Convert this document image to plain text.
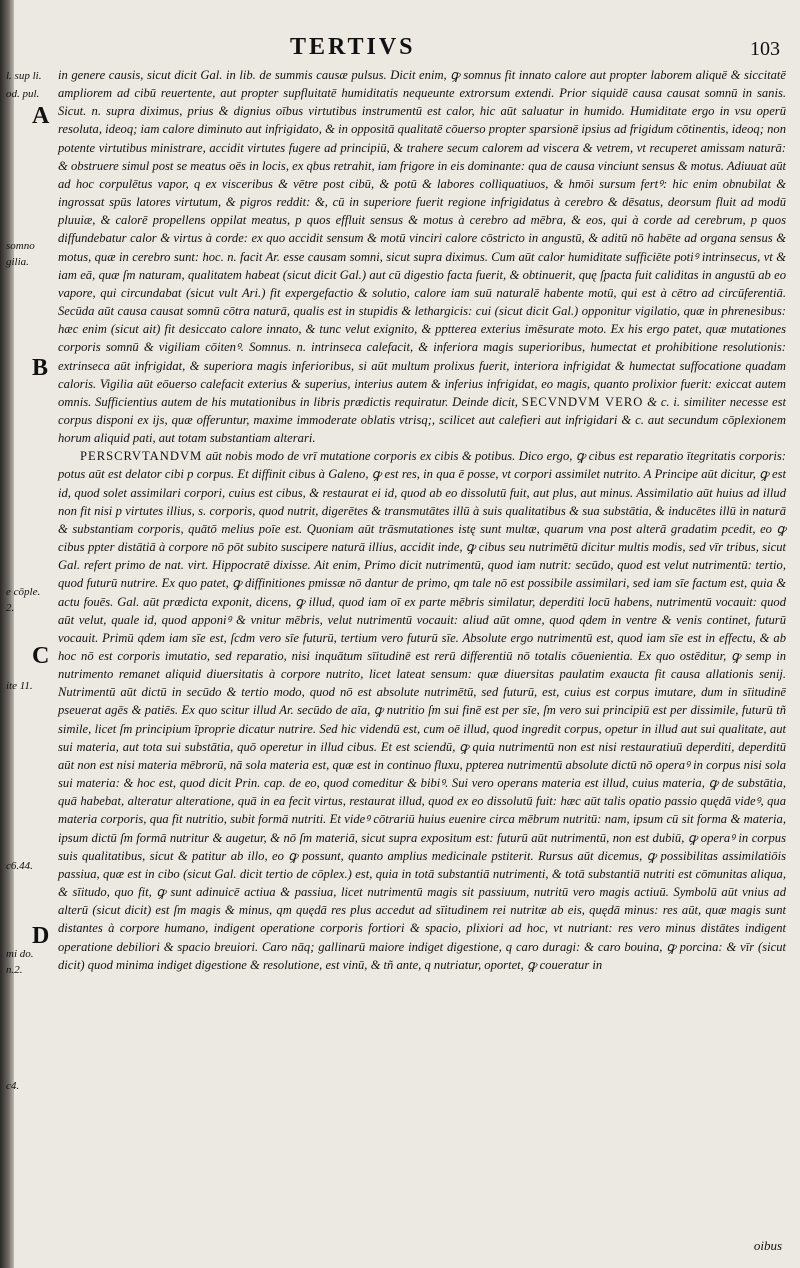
TERTIVS	103
l. sup li.
od. pul.
A
somno
gilia.
B
e cōple.
2.
C
ite 11.
c6.44.
D
mi do.
n.2.
c4.

in genere causis, sicut dicit Gal. in lib. de summis causæ pulsus. Dicit enim, ꝙ somnus fit innato calore aut propter laborem aliquē & siccitatē ampliorem ad cibū reuertente, aut propter supfluitatē humiditatis nequeunte extrorsum extendi. Prior siquidē causa causat somnū in sanis. Sicut. n. supra diximus, prius & dignius oībus virtutibus instrumentū est calor, hic aūt saluatur in humido. Humiditate ergo in vsu operū resoluta, ideoq; iam calore diminuto aut infrigidato, & in oppositā qualitatē cōuerso propter sparsionē ipsius ad frigidum cōtinentis, ideoq; non potente virtutibus ministrare, accidit virtutes fugere ad principiū, & trahere secum calorem ad viscera & vetrem, vt recuperet amissam naturā: & obstruere simul post se meatus oēs in locis, ex qbus retrahit, iam frigore in eis dominante: qua de causa vinciunt sensus & motus. Adiuuat aūt ad hoc corpulētus vapor, q ex visceribus & vētre post cibū, & potū & labores colliquatiuos, & hmōi sursum fertꝰ: hic enim obnubilat & ingrossat spūs latores virtutum, & pigros reddit: &, cū in superiore fuerit regione infrigidatus à cerebro & dēsatus, deorsum fluit ad modū pluuiæ, & calorē propellens oppilat meatus, p quos effluit sensus & motus à cerebro ad mēbra, & eos, qui à corde ad cerebrum, p quos diffundebatur calor & virtus à corde: ex quo accidit sensum & motū vinciri calore cōstricto in angustū, & aditū nō habēte ad organa sensus & motus, quæ in cerebro sunt: hoc. n. facit Ar. esse causam somni, sicut supra diximus. Cum aūt calor humiditate sufficiēte potiꝰ intrinsecus, vt & iam eā, quæ ſm naturam, qualitatem habeat (sicut dicit Gal.) aut cū digestio facta fuerit, & obtinuerit, quę ſpacta fuit caliditas in angustū ab eo vapore, qui circundabat (sicut vult Ari.) fit expergefactio & solutio, calore iam suū naturalē habente motū, qui est à cētro ad circūferentiā. Secūda aūt causa causat somnū cōtra naturā, qualis est in stupidis & lethargicis: cui (sicut dicit Gal.) opponitur vigilatio, quæ in phrenesibus: hæc enim (sicut ait) fit desiccato calore innato, & tunc velut exignito, & pptterea exterius imēsurate moto. Ex his ergo patet, quæ mutationes corporis somnū & vigiliam cōitenꝰ. Somnus. n. intrinseca calefacit, & inferiora magis superioribus, humectat et prohibitione resolutionis: extrinseca aūt infrigidat, & superiora magis inferioribus, si aūt multum prolixus fuerit, interiora infrigidat & humectat suffocatione quadam caloris. Vigilia aūt eōuerso calefacit exterius & superius, interius autem & inferius infrigidat, eo magis, quanto prolixior fuerit: exiccat autem omnis. Sufficientius autem de his mutationibus in libris prædictis requiratur. Deinde dicit, SECVNDVM VERO & c. i. similiter necesse est corpus disponi ex ijs, quæ offeruntur, maxime immoderate oblatis vtrisq;, scilicet aut calefieri aut infrigidari & c. aut secundum cōplexionem horum aliquid pati, aut totam substantiam alterari.

PERSCRVTANDVM aūt nobis modo de vrī mutatione corporis ex cibis & potibus. Dico ergo, ꝙ cibus est reparatio ītegritatis corporis: potus aūt est delator cibi p corpus. Et diffinit cibus à Galeno, ꝙ est res, in qua ē posse, vt corpori assimilet nutrito. A Principe aūt dicitur, ꝙ est id, quod solet assimilari corpori, cuius est cibus, & restaurat ei id, quod ab eo dissolutū fuit, aut plus, aut minus. Assimilatio aūt huius ad illud non fit nisi p virtutes illius, s. corporis, quod nutrit, digerētes & transmutātes illū à suis qualitatibus & sua substātia, & inducētes illū in naturā & substantiam corporis, quātō melius poīe est. Quoniam aūt trāsmutationes istę sunt multæ, quarum vna post alterā gradatim pcedit, eo ꝙ cibus ppter distātiā à corpore nō pōt subito suscipere naturā illius, accidit inde, ꝙ cibus seu nutrimētū dicitur multis modis, sed vīr tribus, sicut Gal. refert primo de nat. virt. Hippocratē dixisse. Ait enim, Primo dicit nutrimentū, quod iam nutrit: secūdo, quod est velut nutrimentū: tertio, quod futurū nutrire. Ex quo patet, ꝙ diffinitiones pmissæ nō dantur de primo, qm tale nō est possibile assimilari, sed iam sīe factum est, quia & actu fouēs. Gal. aūt prædicta exponit, dicens, ꝙ illud, quod iam oī ex parte mēbris similatur, deperditi locū habens, nutrimentū vocauit: quod aūt velut, quale id, quod apponiꝰ & vnitur mēbris, velut nutrimentū vocauit: aliud aūt omne, quod qdem in ventre & venis continet, futurū vocauit. Primū qdem iam sīe est, ſcdm vero sīe futurū, tertium vero futurū sīe. Absolute ergo nutrimentū est, quod iam sīe est in effectu, & ab hoc nō est corporis imutatio, sed reparatio, nisi inquātum sīitudinē est rerū differentiū nō totalis cōuenientia. Ex quo ostēditur, ꝙ semp in nutrimento remanet aliquid diuersitatis à corpore nutrito, licet lateat sensum: quæ diuersitas paulatim exaucta fit causa allationis senij. Nutrimentū aūt dictū in secūdo & tertio modo, quod nō est absolute nutrimētū, sed futurū, est, cuius est corpus imutare, dum in sīitudinē pseuerat agēs & patiēs. Ex quo scitur illud Ar. secūdo de aīa, ꝙ nutritio ſm sui finē est per sīe, ſm vero sui principiū est per dissimile, futurū tñ simile, licet ſm principium īproprie dicatur nutrire. Sed hic videndū est, cum oē illud, quod ingredit corpus, opetur in illud aut sui qualitate, aut sui materia, aut tota sui substātia, quō operetur in illud cibus. Et est sciendū, ꝙ quia nutrimentū non est nisi restauratiuū deperditi, deperditū aūt non est nisi materia mēbrorū, nā sola materia est, quæ est in continuo fluxu, ppterea nutrimentū absolute dictū nō operaꝰ in corpus nisi sola sui materia: & hoc est, quod dicit Prin. cap. de eo, quod comeditur & bibiꝰ. Sui vero operans materia est illud, cuius materia, ꝙ de substātia, quā habebat, alteratur alteratione, quā in ea fecit virtus, restaurat illud, quod ex eo dissolutū fuit: hæc aūt talis opatio passio quędā videꝰ, qua materia corporis, qua fit nutritio, subit formā nutriti. Et videꝰ cōtrariū huius euenire circa mēbrum nutritū: nam, ipsum cū sit forma & materia, ipsum dictū ſm formā nutritur & augetur, & nō ſm materiā, sicut supra expositum est: futurū aūt nutrimentū, non est dubiū, ꝙ operaꝰ in corpus suis qualitatibus, sicut & patitur ab illo, eo ꝙ possunt, quanto amplius medicinale pstiterit. Rursus aūt dicemus, ꝙ possibilitas assimilatiōis passiua, quæ est in cibo (sicut Gal. dicit tertio de cōplex.) est, quia in totā substantiā nutrimenti, & totā substantiā nutriti est cōmunitas aliqua, & sīitudo, quo fit, ꝙ sunt adinuicē actiua & passiua, licet nutrimentū magis sit passiuum, nutritū vero magis actiuū. Symbolū aūt vnius ad alterū (sicut dicit) est ſm magis & minus, qm quędā res plus accedut ad sīitudinem rei nutritæ ab eis, quędā minus: res aūt, quæ magis sunt distantes à corpore humano, indigent operatione corporis fortiori & spacio, plixiori ad hoc, vt nutriant: res vero minus distātes indigent operatione debiliori & spacio breuiori. Caro nāq; gallinarū maiore indiget digestione, q caro duragi: & caro bouina, ꝙ porcina: & vīr (sicut dicit) quod minima indiget digestione & resolutione, est vinū, & tñ ante, q nutriatur, oportet, ꝙ coueratur in

oibus
